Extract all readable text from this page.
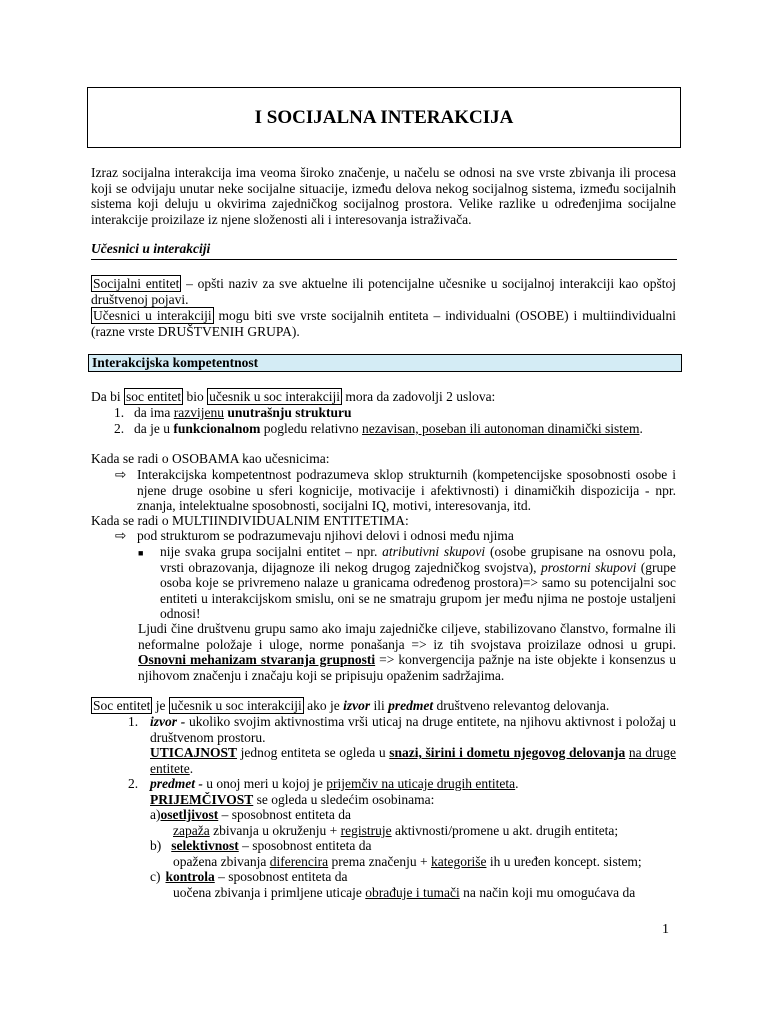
I SOCIJALNA INTERAKCIJA
Izraz socijalna interakcija ima veoma široko značenje, u načelu se odnosi na sve vrste zbivanja ili procesa koji se odvijaju unutar neke socijalne situacije, između delova nekog socijalnog sistema, između socijalnih sistema koji deluju u okvirima zajedničkog socijalnog prostora. Velike razlike u određenjima socijalne interakcije proizilaze iz njene složenosti ali i interesovanja istraživača.
Učesnici u interakciji
Socijalni entitet – opšti naziv za sve aktuelne ili potencijalne učesnike u socijalnoj interakciji kao opštoj društvenoj pojavi.
Učesnici u interakciji mogu biti sve vrste socijalnih entiteta – individualni (OSOBE) i multiindividualni (razne vrste DRUŠTVENIH GRUPA).
Interakcijska kompetentnost
Da bi soc entitet bio učesnik u soc interakciji mora da zadovolji 2 uslova:
1. da ima razvijenu unutrašnju strukturu
2. da je u funkcionalnom pogledu relativno nezavisan, poseban ili autonoman dinamički sistem.
Kada se radi o OSOBAMA kao učesnicima:
⇨ Interakcijska kompetentnost podrazumeva sklop strukturnih (kompetencijske sposobnosti osobe i njene druge osobine u sferi kognicije, motivacije i afektivnosti) i dinamičkih dispozicija - npr. znanja, intelektualne sposobnosti, socijalni IQ, motivi, interesovanja, itd.
Kada se radi o MULTIINDIVIDUALNIM ENTITETIMA:
⇨ pod strukturom se podrazumevaju njihovi delovi i odnosi među njima
■	nije svaka grupa socijalni entitet – npr. atributivni skupovi (osobe grupisane na osnovu pola, vrsti obrazovanja, dijagnoze ili nekog drugog zajedničkog svojstva), prostorni skupovi (grupe osoba koje se privremeno nalaze u granicama određenog prostora)=> samo su potencijalni soc entiteti u interakcijskom smislu, oni se ne smatraju grupom jer među njima ne postoje ustaljeni odnosi!
Ljudi čine društvenu grupu samo ako imaju zajedničke ciljeve, stabilizovano članstvo, formalne ili neformalne položaje i uloge, norme ponašanja => iz tih svojstava proizilaze odnosi u grupi. Osnovni mehanizam stvaranja grupnosti => konvergencija pažnje na iste objekte i konsenzus u njihovom značenju i značaju koji se pripisuju opaženim sadržajima.
Soc entitet je učesnik u soc interakciji ako je izvor ili predmet društveno relevantog delovanja.
1. izvor - ukoliko svojim aktivnostima vrši uticaj na druge entitete, na njihovu aktivnost i položaj u društvenom prostoru.
UTICAJNOST jednog entiteta se ogleda u snazi, širini i dometu njegovog delovanja na druge entitete.
2. predmet - u onoj meri u kojoj je prijemčiv na uticaje drugih entiteta.
PRIJEMČIVOST se ogleda u sledećim osobinama:
a)osetljivost – sposobnost entiteta da
zapaža zbivanja u okruženju + registruje aktivnosti/promene u akt. drugih entiteta;
b) selektivnost – sposobnost entiteta da
opažena zbivanja diferencira prema značenju + kategoriše ih u uređen koncept. sistem;
c) kontrola – sposobnost entiteta da
uočena zbivanja i primljene uticaje obrađuje i tumači na način koji mu omogućava da
1
